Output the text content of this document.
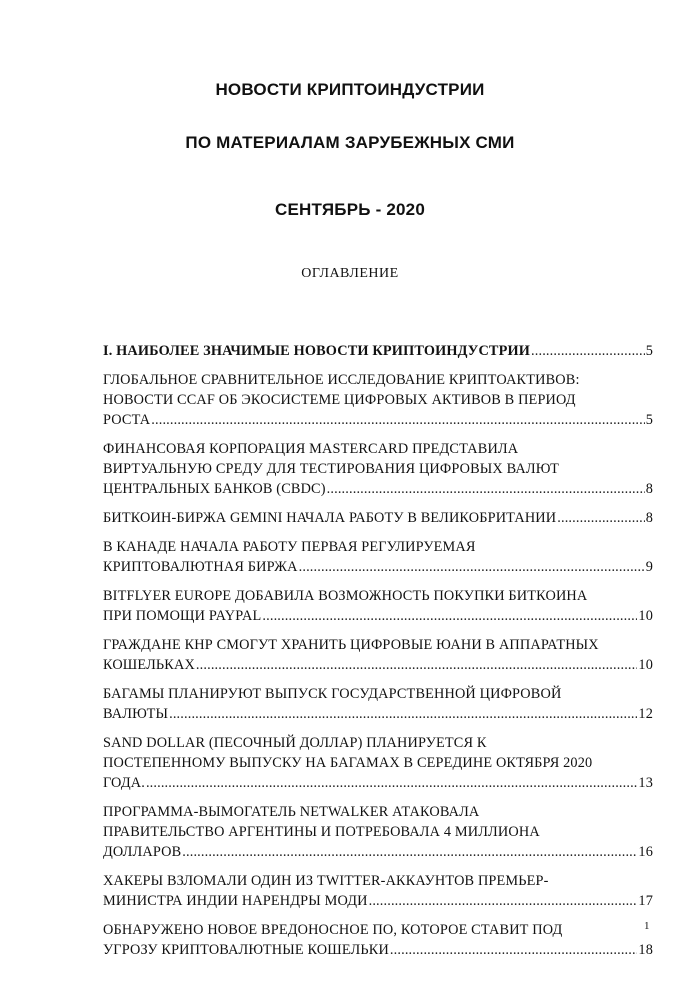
НОВОСТИ КРИПТОИНДУСТРИИ
ПО МАТЕРИАЛАМ ЗАРУБЕЖНЫХ СМИ
СЕНТЯБРЬ - 2020
ОГЛАВЛЕНИЕ
I. НАИБОЛЕЕ ЗНАЧИМЫЕ НОВОСТИ КРИПТОИНДУСТРИИ .....	5
ГЛОБАЛЬНОЕ СРАВНИТЕЛЬНОЕ ИССЛЕДОВАНИЕ КРИПТОАКТИВОВ:
НОВОСТИ CCAF ОБ ЭКОСИСТЕМЕ ЦИФРОВЫХ АКТИВОВ В ПЕРИОД
РОСТА .....	5
ФИНАНСОВАЯ КОРПОРАЦИЯ MASTERCARD ПРЕДСТАВИЛА
ВИРТУАЛЬНУЮ СРЕДУ ДЛЯ ТЕСТИРОВАНИЯ ЦИФРОВЫХ ВАЛЮТ
ЦЕНТРАЛЬНЫХ БАНКОВ (CBDC) .....	8
БИТКОИН-БИРЖА GEMINI НАЧАЛА РАБОТУ В ВЕЛИКОБРИТАНИИ .....	8
В КАНАДЕ НАЧАЛА РАБОТУ ПЕРВАЯ РЕГУЛИРУЕМАЯ
КРИПТОВАЛЮТНАЯ БИРЖА .....	9
BITFLYER EUROPE ДОБАВИЛА ВОЗМОЖНОСТЬ ПОКУПКИ БИТКОИНА
ПРИ ПОМОЩИ PAYPAL .....	10
ГРАЖДАНЕ КНР СМОГУТ ХРАНИТЬ ЦИФРОВЫЕ ЮАНИ В АППАРАТНЫХ
КОШЕЛЬКАХ .....	10
БАГАМЫ ПЛАНИРУЮТ ВЫПУСК ГОСУДАРСТВЕННОЙ ЦИФРОВОЙ
ВАЛЮТЫ .....	12
SAND DOLLAR (ПЕСОЧНЫЙ ДОЛЛАР) ПЛАНИРУЕТСЯ К
ПОСТЕПЕННОМУ ВЫПУСКУ НА БАГАМАХ В СЕРЕДИНЕ ОКТЯБРЯ 2020
ГОДА. .....	13
ПРОГРАММА-ВЫМОГАТЕЛЬ NETWALKER АТАКОВАЛА
ПРАВИТЕЛЬСТВО АРГЕНТИНЫ И ПОТРЕБОВАЛА 4 МИЛЛИОНА
ДОЛЛАРОВ .....	16
ХАКЕРЫ ВЗЛОМАЛИ ОДИН ИЗ TWITTER-АККАУНТОВ ПРЕМЬЕР-
МИНИСТРА ИНДИИ НАРЕНДРЫ МОДИ .....	17
ОБНАРУЖЕНО НОВОЕ ВРЕДОНОСНОЕ ПО, КОТОРОЕ СТАВИТ ПОД
УГРОЗУ КРИПТОВАЛЮТНЫЕ КОШЕЛЬКИ .....	18
1
